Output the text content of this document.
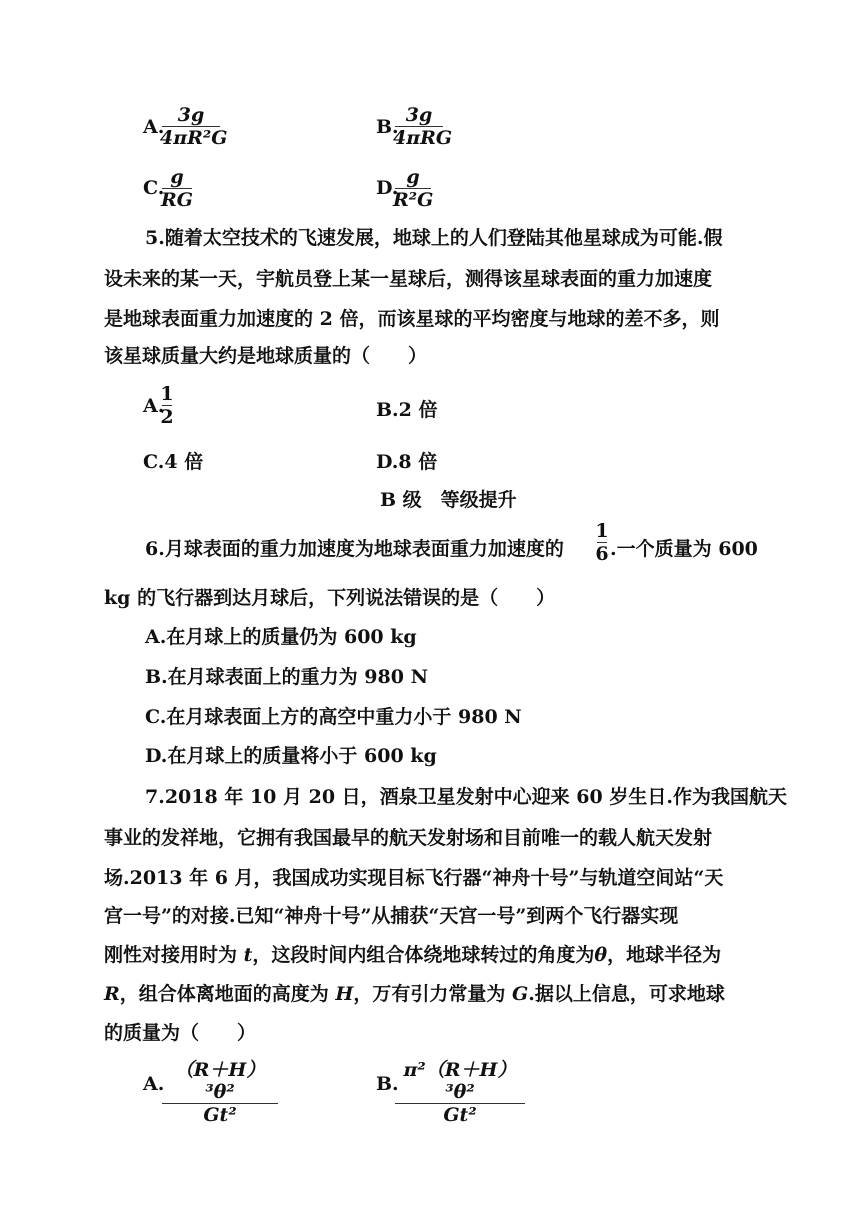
A.
3g
4πR²G	B.
3g
4πRG
C. g
RG
D. g
R²G
5.随着太空技术的飞速发展，地球上的人们登陆其他星球成为可能.假
设未来的某一天，宇航员登上某一星球后，测得该星球表面的重力加速度
是地球表面重力加速度的 2 倍，而该星球的平均密度与地球的差不多，则
该星球质量大约是地球质量的（　　）
A.
1
2	B.2 倍
C.4 倍	D.8 倍
B 级　等级提升
6.月球表面的重力加速度为地球表面重力加速度的
1
6 .一个质量为 600
kg 的飞行器到达月球后，下列说法错误的是（　　）
A.在月球上的质量仍为 600 kg
B.在月球表面上的重力为 980 N
C.在月球表面上方的高空中重力小于 980 N
D.在月球上的质量将小于 600 kg
7.2018 年 10 月 20 日，酒泉卫星发射中心迎来 60 岁生日.作为我国航天
事业的发祥地，它拥有我国最早的航天发射场和目前唯一的载人航天发射
场.2013 年 6 月，我国成功实现目标飞行器“神舟十号”与轨道空间站“天
宫一号”的对接.已知“神舟十号”从捕获“天宫一号”到两个飞行器实现
刚性对接用时为 t，这段时间内组合体绕地球转过的角度为θ，地球半径为
R，组合体离地面的高度为 H，万有引力常量为 G.据以上信息，可求地球
的质量为（　　）
A.
（R＋H）³θ²
Gt²
B.
π²（R＋H）³θ²
Gt²
